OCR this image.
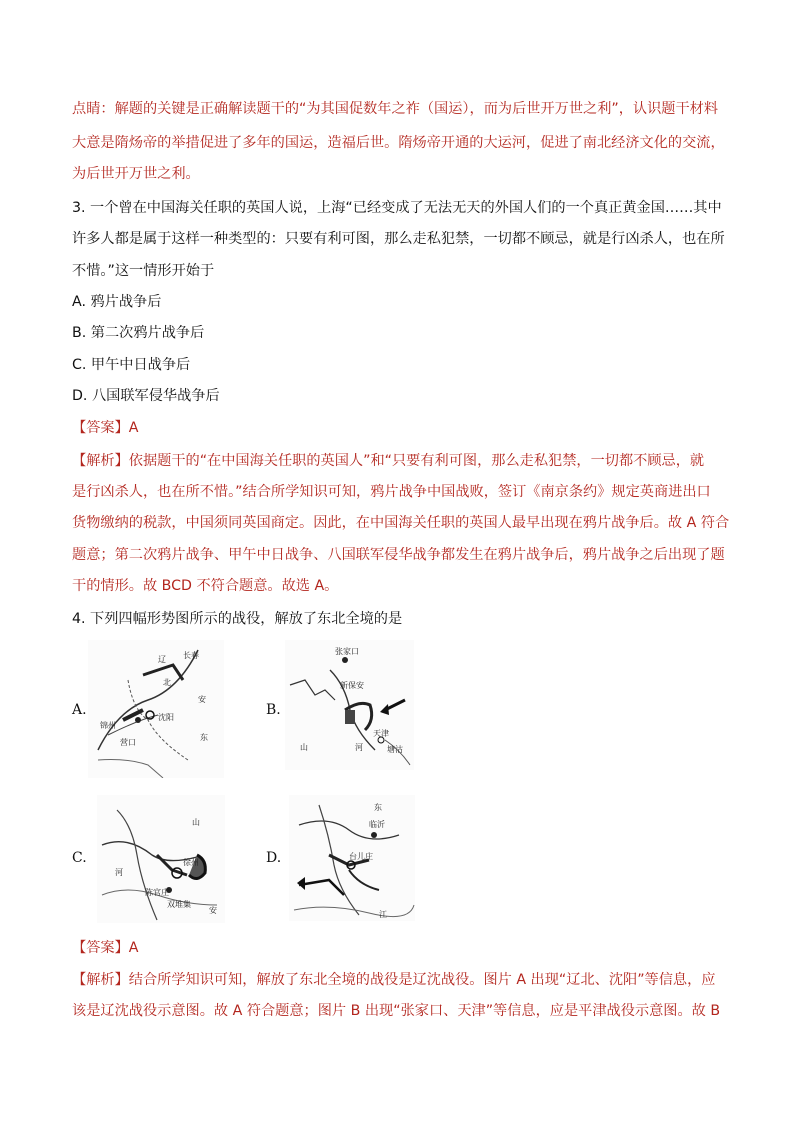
点睛：解题的关键是正确解读题干的“为其国促数年之祚（国运），而为后世开万世之利”，认识题干材料
大意是隋炀帝的举措促进了多年的国运，造福后世。隋炀帝开通的大运河，促进了南北经济文化的交流，
为后世开万世之利。
3. 一个曾在中国海关任职的英国人说，上海“已经变成了无法无天的外国人们的一个真正黄金国……其中
许多人都是属于这样一种类型的：只要有利可图，那么走私犯禁，一切都不顾忌，就是行凶杀人，也在所
不惜。”这一情形开始于
A. 鸦片战争后
B. 第二次鸦片战争后
C. 甲午中日战争后
D. 八国联军侵华战争后
【答案】A
【解析】依据题干的“在中国海关任职的英国人”和“只要有利可图，那么走私犯禁，一切都不顾忌，就
是行凶杀人，也在所不惜。”结合所学知识可知，鸦片战争中国战败，签订《南京条约》规定英商进出口
货物缴纳的税款，中国须同英国商定。因此，在中国海关任职的英国人最早出现在鸦片战争后。故 A 符合
题意；第二次鸦片战争、甲午中日战争、八国联军侵华战争都发生在鸦片战争后，鸦片战争之后出现了题
干的情形。故 BCD 不符合题意。故选 A。
4. 下列四幅形势图所示的战役，解放了东北全境的是
A.
长春
辽
北
锦州
沈阳
营口
安
东
B.
张家口
新保安
天津
塘沽
河
山
C.	徐州
陈官庄
双堆集
河
山
安
D.
临沂
台儿庄
东
江
【答案】A
【解析】结合所学知识可知，解放了东北全境的战役是辽沈战役。图片 A 出现“辽北、沈阳”等信息，应
该是辽沈战役示意图。故 A 符合题意；图片 B 出现“张家口、天津”等信息，应是平津战役示意图。故 B
